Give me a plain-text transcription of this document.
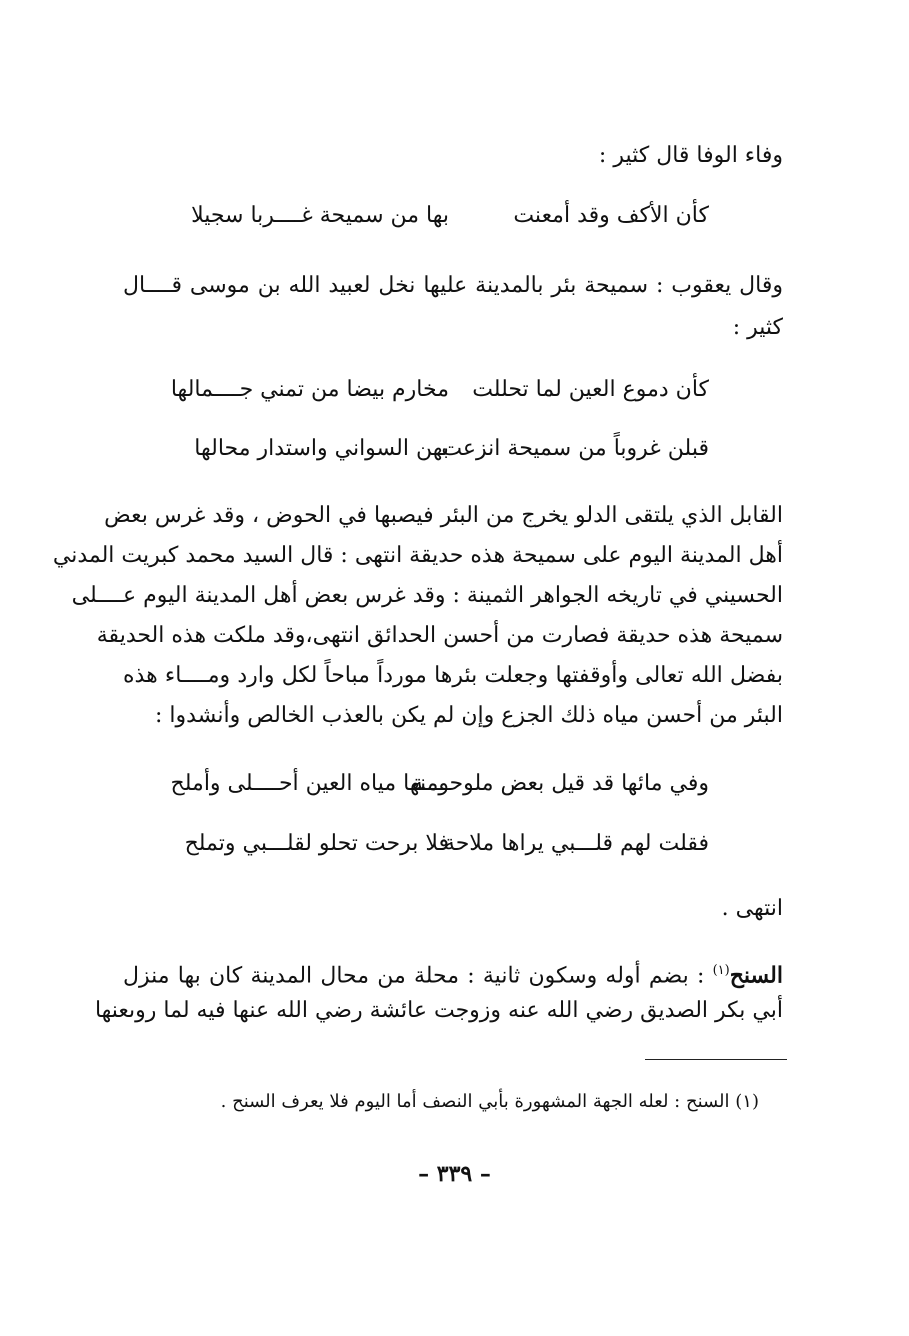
وفاء الوفا قال كثير :
كأن الأكف وقد أمعنت
بها من سميحة غــــربا سجيلا
وقال يعقوب : سميحة بئر بالمدينة عليها نخل لعبيد الله بن موسى قــــال
كثير :
كأن دموع العين لما تحللت
مخارم بيضا من تمني جــــمالها
قبلن غروباً من سميحة انزعت
بهن السواني واستدار محالها
القابل الذي يلتقى الدلو يخرج من البئر فيصبها في الحوض ، وقد غرس بعض
أهل المدينة اليوم على سميحة هذه حديقة انتهى : قال السيد محمد كبريت المدني
الحسيني في تاريخه الجواهر الثمينة : وقد غرس بعض أهل المدينة اليوم عــــلى
سميحة هذه حديقة فصارت من أحسن الحدائق انتهى،وقد ملكت هذه الحديقة
بفضل الله تعالى وأوقفتها وجعلت بئرها مورداً مباحاً لكل وارد ومــــاء هذه
البئر من أحسن مياه ذلك الجزع وإن لم يكن بالعذب الخالص وأنشدوا :
وفي مائها قد قيل بعض ملوحــــة
ومنها مياه العين أحــــلى وأملح
فقلت لهم قلـــبي يراها ملاحة
فلا برحت تحلو لقلـــبي وتملح
انتهى .
السنح$^{(١)}$ : بضم أوله وسكون ثانية : محلة من محال المدينة كان بها منزل
أبي بكر الصديق رضي الله عنه وزوجت عائشة رضي الله عنها فيه لما روىعنها
(١) السنح : لعله الجهة المشهورة بأبي النصف أما اليوم فلا يعرف السنح .
– ٣٣٩ –
